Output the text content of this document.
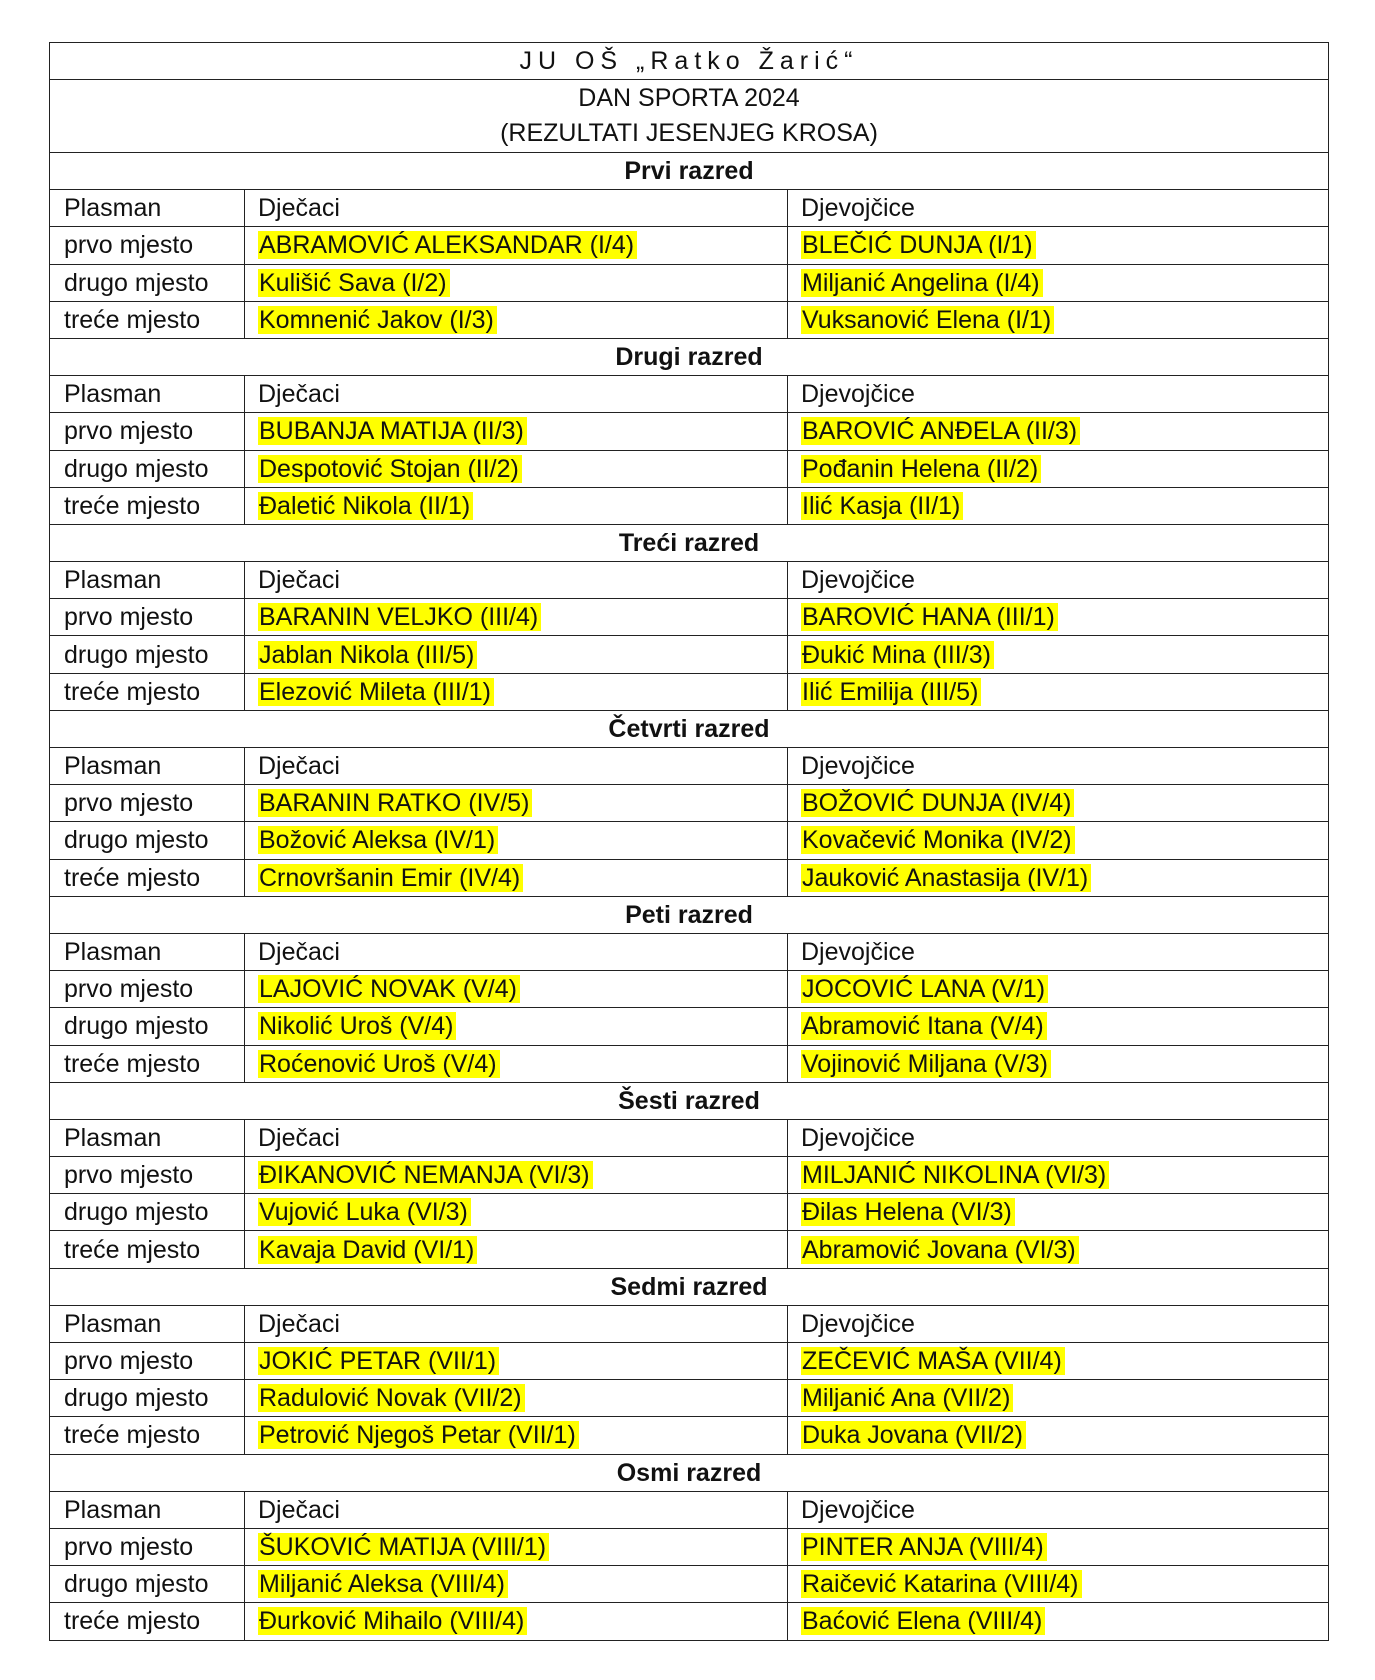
JU OŠ „Ratko Žarić“		

DAN SPORTA 2024
(REZULTATI JESENJEG KROSA)		

Prvi razred		
Plasman	Dječaci	Djevojčice
prvo mjesto	ABRAMOVIĆ ALEKSANDAR (I/4)	BLEČIĆ DUNJA (I/1)
drugo mjesto	Kulišić Sava (I/2)	Miljanić Angelina (I/4)
treće mjesto	Komnenić Jakov (I/3)	Vuksanović Elena (I/1)
Drugi razred		
Plasman	Dječaci	Djevojčice
prvo mjesto	BUBANJA MATIJA (II/3)	BAROVIĆ ANĐELA (II/3)
drugo mjesto	Despotović Stojan (II/2)	Pođanin Helena (II/2)
treće mjesto	Đaletić Nikola (II/1)	Ilić Kasja (II/1)
Treći razred		
Plasman	Dječaci	Djevojčice
prvo mjesto	BARANIN VELJKO (III/4)	BAROVIĆ HANA (III/1)
drugo mjesto	Jablan Nikola (III/5)	Đukić Mina (III/3)
treće mjesto	Elezović Mileta (III/1)	Ilić Emilija (III/5)
Četvrti razred		
Plasman	Dječaci	Djevojčice
prvo mjesto	BARANIN RATKO (IV/5)	BOŽOVIĆ DUNJA (IV/4)
drugo mjesto	Božović Aleksa (IV/1)	Kovačević Monika (IV/2)
treće mjesto	Crnovršanin Emir (IV/4)	Jauković Anastasija (IV/1)
Peti razred		
Plasman	Dječaci	Djevojčice
prvo mjesto	LAJOVIĆ NOVAK (V/4)	JOCOVIĆ LANA (V/1)
drugo mjesto	Nikolić Uroš (V/4)	Abramović Itana (V/4)
treće mjesto	Roćenović Uroš (V/4)	Vojinović Miljana (V/3)
Šesti razred		
Plasman	Dječaci	Djevojčice
prvo mjesto	ĐIKANOVIĆ NEMANJA (VI/3)	MILJANIĆ NIKOLINA (VI/3)
drugo mjesto	Vujović Luka (VI/3)	Đilas Helena (VI/3)
treće mjesto	Kavaja David (VI/1)	Abramović Jovana (VI/3)
Sedmi razred		
Plasman	Dječaci	Djevojčice
prvo mjesto	JOKIĆ PETAR (VII/1)	ZEČEVIĆ MAŠA (VII/4)
drugo mjesto	Radulović Novak (VII/2)	Miljanić Ana (VII/2)
treće mjesto	Petrović Njegoš Petar (VII/1)	Duka Jovana (VII/2)
Osmi razred		
Plasman	Dječaci	Djevojčice
prvo mjesto	ŠUKOVIĆ MATIJA (VIII/1)	PINTER ANJA (VIII/4)
drugo mjesto	Miljanić Aleksa (VIII/4)	Raičević Katarina (VIII/4)
treće mjesto	Đurković Mihailo (VIII/4)	Baćović Elena (VIII/4)
